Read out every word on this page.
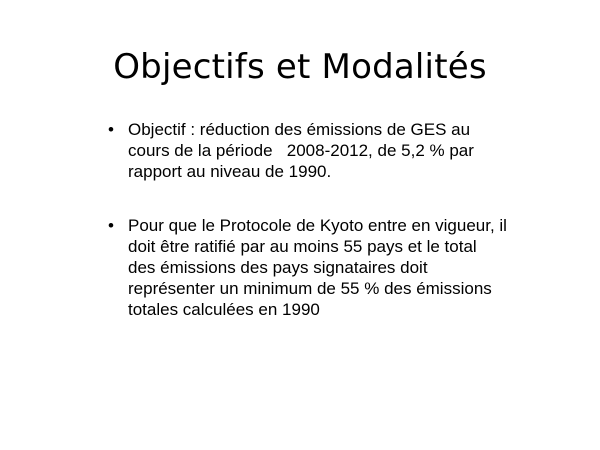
Objectifs et Modalités
• Objectif : réduction des émissions de GES au
cours de la période   2008-2012, de 5,2 % par
rapport au niveau de 1990.
• Pour que le Protocole de Kyoto entre en vigueur, il
doit être ratifié par au moins 55 pays et le total
des émissions des pays signataires doit
représenter un minimum de 55 % des émissions
totales calculées en 1990
